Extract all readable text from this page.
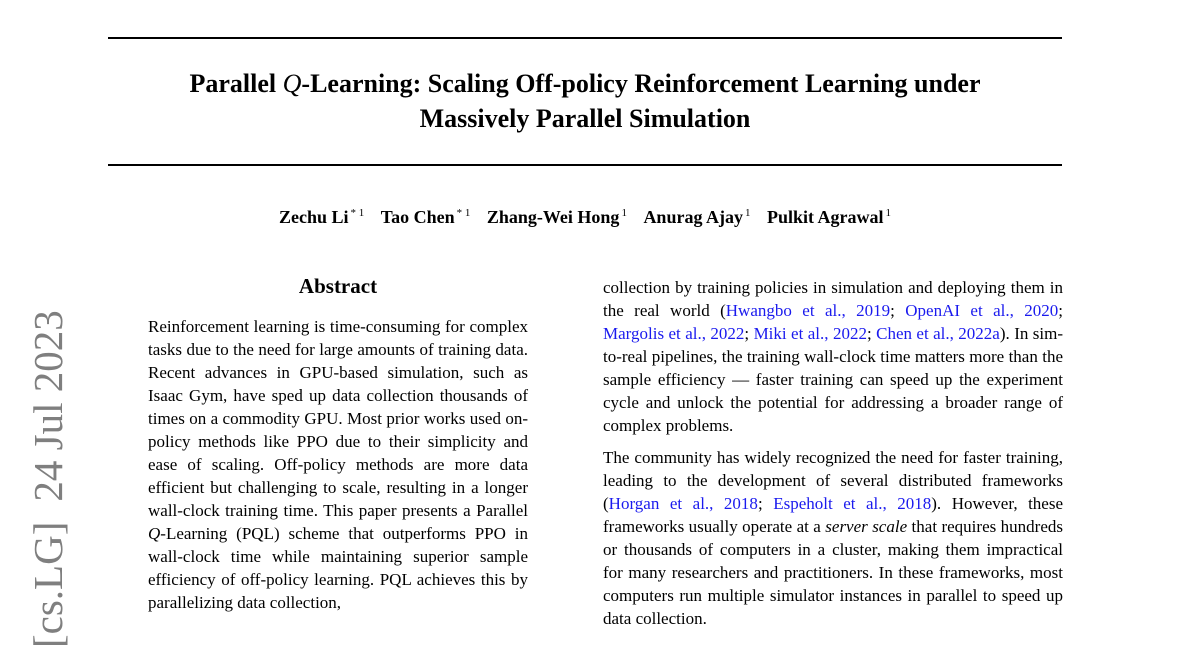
Parallel Q-Learning: Scaling Off-policy Reinforcement Learning under
Massively Parallel Simulation
Zechu Li $^{* 1}$ Tao Chen $^{* 1}$ Zhang-Wei Hong $^1$ Anurag Ajay $^1$ Pulkit Agrawal $^1$
[cs.LG]24 Jul 2023
Abstract
Reinforcement learning is time-consuming for complex tasks due to the need for large amounts of training data. Recent advances in GPU-based simulation, such as Isaac Gym, have sped up data collection thousands of times on a commodity GPU. Most prior works used on-policy methods like PPO due to their simplicity and ease of scaling. Off-policy methods are more data efficient but challenging to scale, resulting in a longer wall-clock training time. This paper presents a Parallel Q-Learning (PQL) scheme that outperforms PPO in wall-clock time while maintaining superior sample efficiency of off-policy learning. PQL achieves this by parallelizing data collection,

collection by training policies in simulation and deploying them in the real world (Hwangbo et al., 2019; OpenAI et al., 2020; Margolis et al., 2022; Miki et al., 2022; Chen et al., 2022a). In sim-to-real pipelines, the training wall-clock time matters more than the sample efficiency — faster training can speed up the experiment cycle and unlock the potential for addressing a broader range of complex problems.

The community has widely recognized the need for faster training, leading to the development of several distributed frameworks (Horgan et al., 2018; Espeholt et al., 2018). However, these frameworks usually operate at a server scale that requires hundreds or thousands of computers in a cluster, making them impractical for many researchers and practitioners. In these frameworks, most computers run multiple simulator instances in parallel to speed up data collection.
